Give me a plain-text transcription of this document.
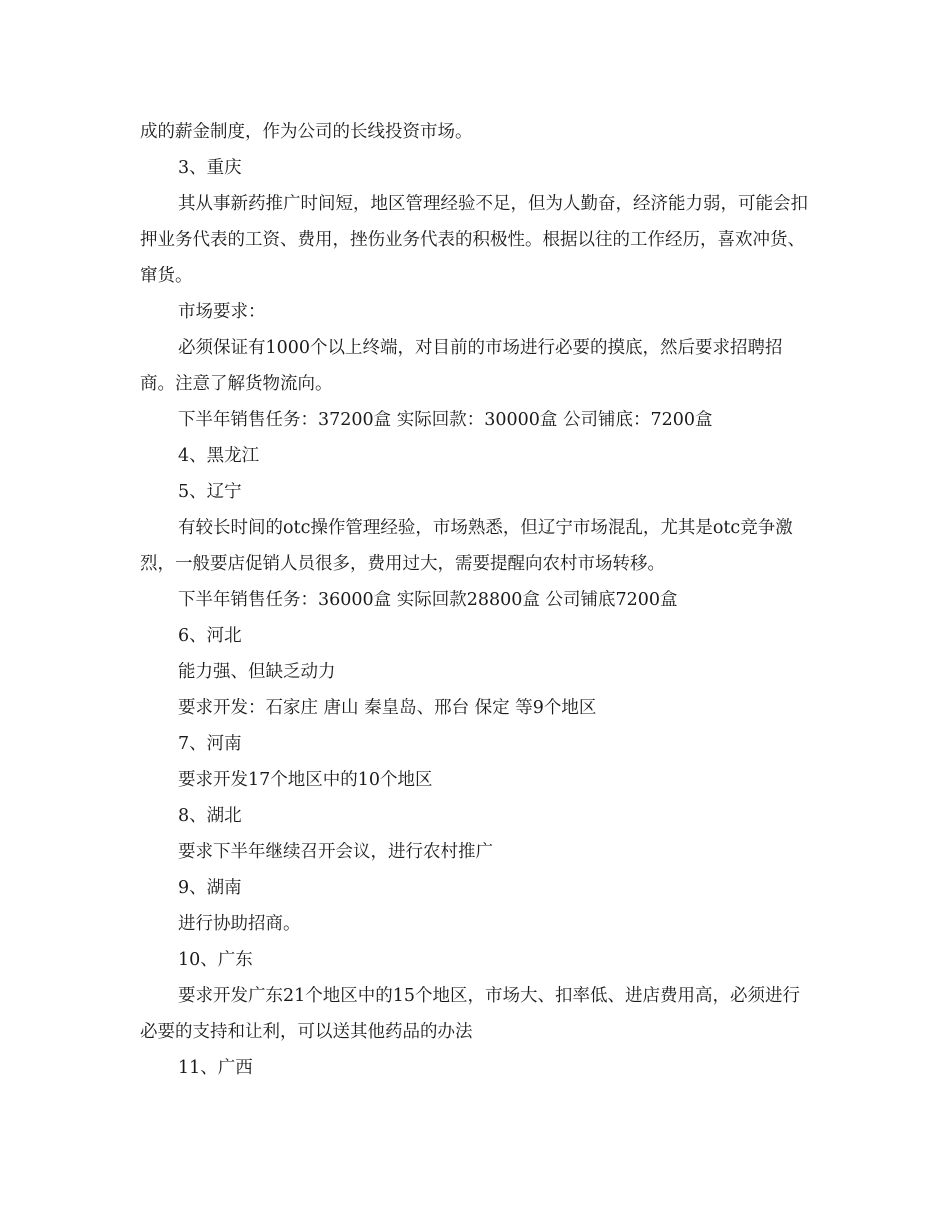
成的薪金制度，作为公司的长线投资市场。

3、重庆

其从事新药推广时间短，地区管理经验不足，但为人勤奋，经济能力弱，可能会扣押业务代表的工资、费用，挫伤业务代表的积极性。根据以往的工作经历，喜欢冲货、窜货。

市场要求：

必须保证有1000个以上终端，对目前的市场进行必要的摸底，然后要求招聘招商。注意了解货物流向。

下半年销售任务：37200盒 实际回款：30000盒 公司铺底：7200盒

4、黑龙江

5、辽宁

有较长时间的otc操作管理经验，市场熟悉，但辽宁市场混乱，尤其是otc竞争激烈，一般要店促销人员很多，费用过大，需要提醒向农村市场转移。

下半年销售任务：36000盒 实际回款28800盒 公司铺底7200盒

6、河北

能力强、但缺乏动力

要求开发：石家庄 唐山 秦皇岛、邢台 保定 等9个地区

7、河南

要求开发17个地区中的10个地区

8、湖北

要求下半年继续召开会议，进行农村推广

9、湖南

进行协助招商。

10、广东

要求开发广东21个地区中的15个地区，市场大、扣率低、进店费用高，必须进行必要的支持和让利，可以送其他药品的办法

11、广西
